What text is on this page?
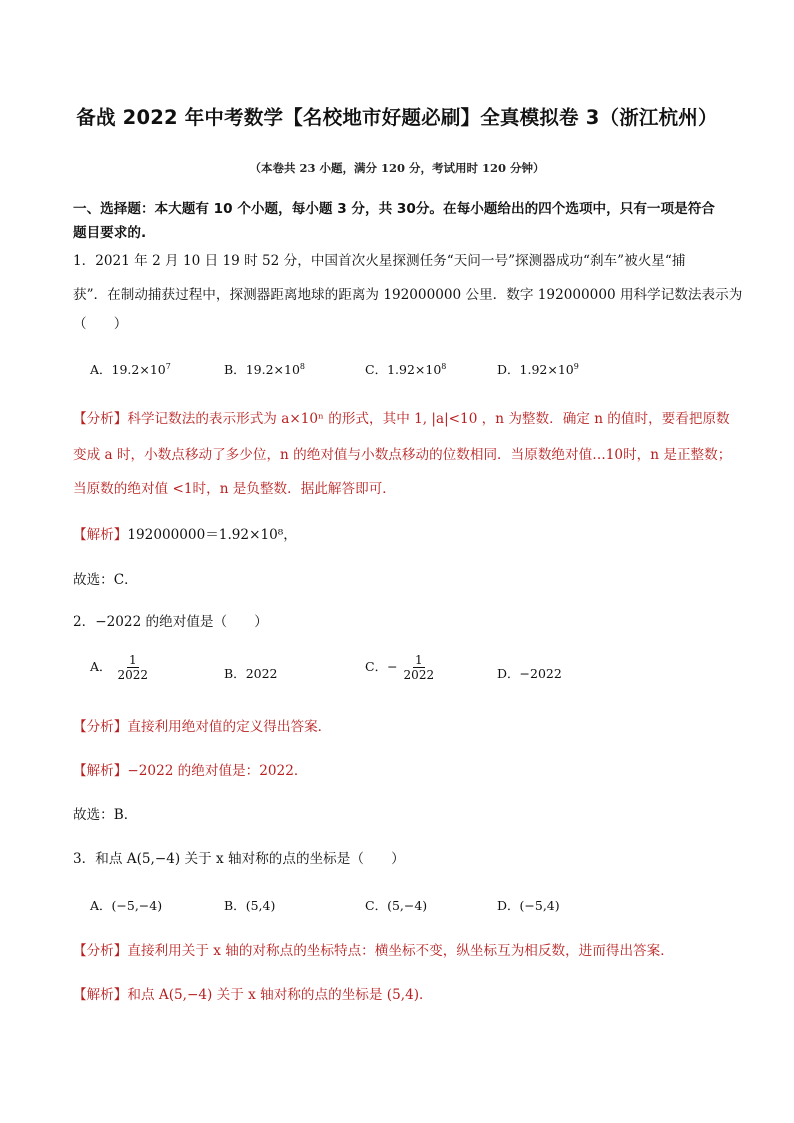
备战 2022 年中考数学【名校地市好题必刷】全真模拟卷 3（浙江杭州）
（本卷共 23 小题，满分 120 分，考试用时 120 分钟）
一、选择题：本大题有 10 个小题，每小题 3 分，共 30分。在每小题给出的四个选项中，只有一项是符合
题目要求的.
1．2021 年 2 月 10 日 19 时 52 分，中国首次火星探测任务“天问一号”探测器成功“刹车”被火星“捕
获”．在制动捕获过程中，探测器距离地球的距离为 192000000 公里．数字 192000000 用科学记数法表示为
（　　）
A．$19.2\times 10^7$	B．$19.2\times 10^8$	C．$1.92\times 10^8$	D．$1.92\times 10^9$
【分析】科学记数法的表示形式为 a×10ⁿ 的形式，其中 1, |a|<10 ，n 为整数．确定 n 的值时，要看把原数
变成 a 时，小数点移动了多少位，n 的绝对值与小数点移动的位数相同．当原数绝对值…10时，n 是正整数；
当原数的绝对值 <1时，n 是负整数．据此解答即可．
【解析】192000000＝1.92×10⁸，
故选：C．
2．−2022 的绝对值是（　　）
A． $\frac{1}{2022}$	B．2022	C．− $\frac{1}{2022}$	D．−2022
【分析】直接利用绝对值的定义得出答案．
【解析】−2022 的绝对值是：2022．
故选：B．
3．和点 A(5,−4) 关于 x 轴对称的点的坐标是（　　）
A．(−5,−4)	B．(5,4)	C．(5,−4)	D．(−5,4)
【分析】直接利用关于 x 轴的对称点的坐标特点：横坐标不变，纵坐标互为相反数，进而得出答案．
【解析】和点 A(5,−4) 关于 x 轴对称的点的坐标是 (5,4)．
